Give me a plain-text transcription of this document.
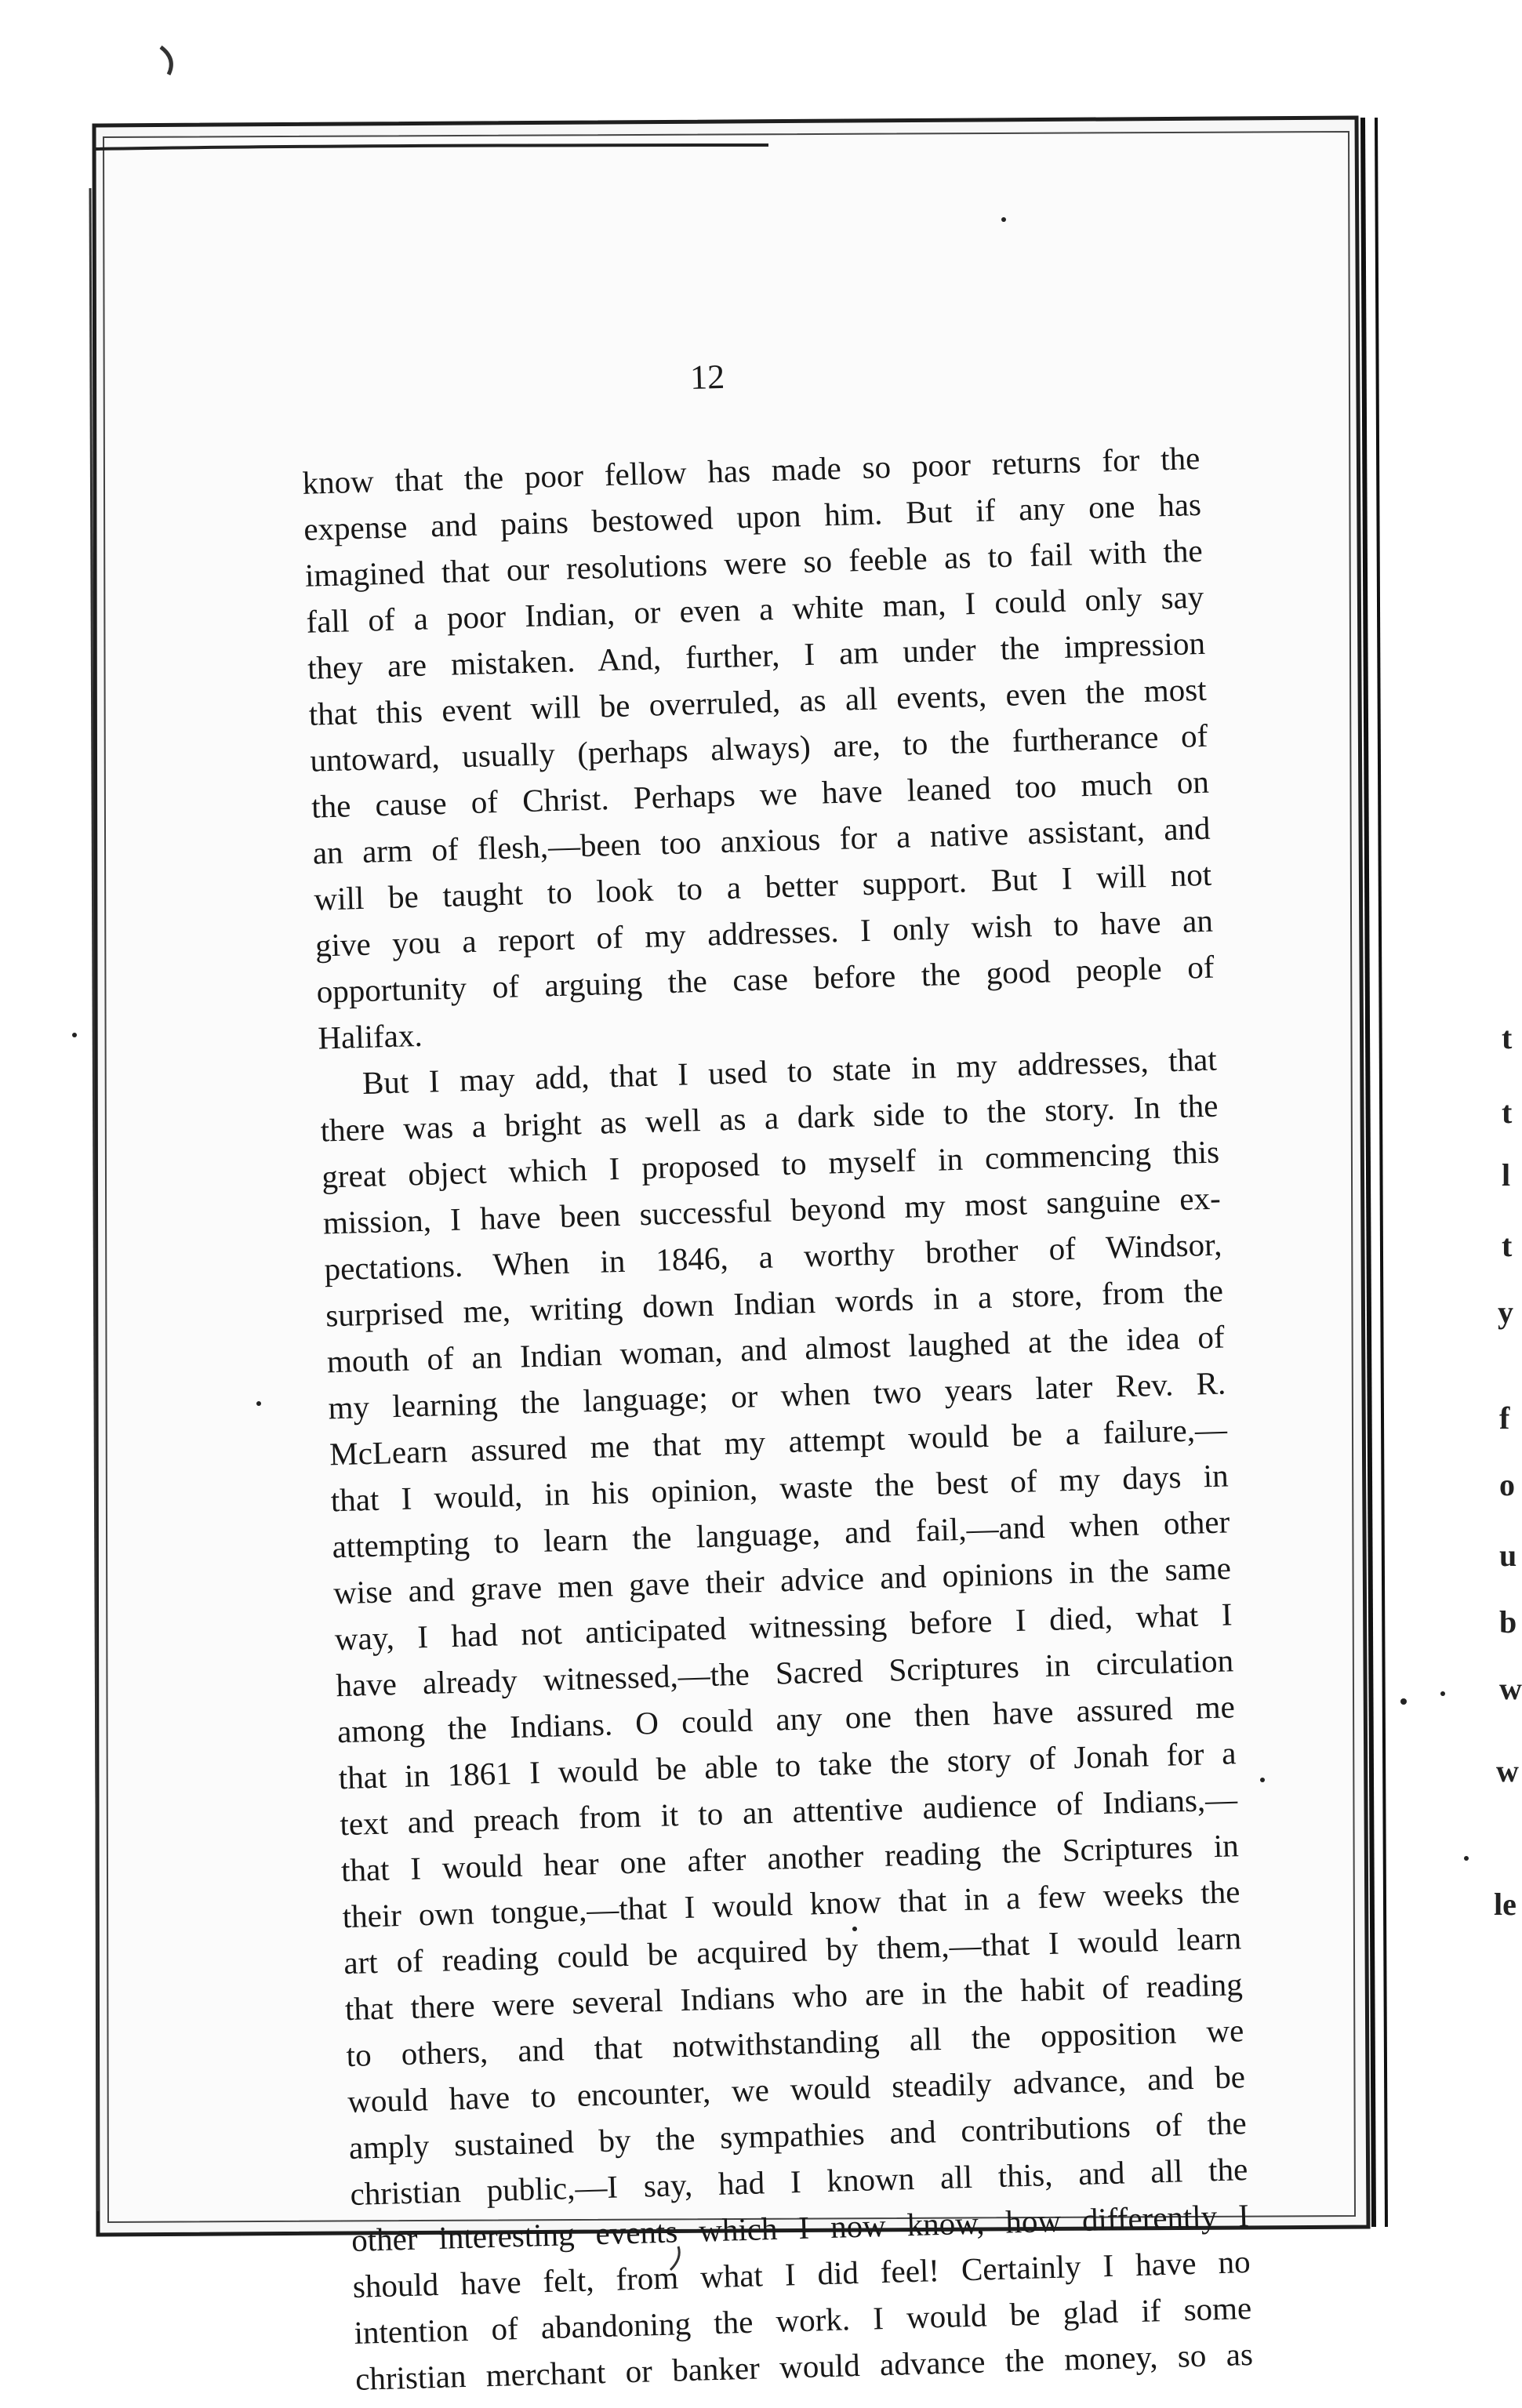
12
know that the poor fellow has made so poor returns for the
expense and pains bestowed upon him. But if any one has
imagined that our resolutions were so feeble as to fail with the
fall of a poor Indian, or even a white man, I could only say
they are mistaken. And, further, I am under the impression
that this event will be overruled, as all events, even the most
untoward, usually (perhaps always) are, to the furtherance of
the cause of Christ. Perhaps we have leaned too much on
an arm of flesh,—been too anxious for a native assistant, and
will be taught to look to a better support. But I will not
give you a report of my addresses. I only wish to have an
opportunity of arguing the case before the good people of
Halifax.
But I may add, that I used to state in my addresses, that
there was a bright as well as a dark side to the story. In the
great object which I proposed to myself in commencing this
mission, I have been successful beyond my most sanguine ex-
pectations. When in 1846, a worthy brother of Windsor,
surprised me, writing down Indian words in a store, from the
mouth of an Indian woman, and almost laughed at the idea of
my learning the language; or when two years later Rev. R.
McLearn assured me that my attempt would be a failure,—
that I would, in his opinion, waste the best of my days in
attempting to learn the language, and fail,—and when other
wise and grave men gave their advice and opinions in the same
way, I had not anticipated witnessing before I died, what I
have already witnessed,—the Sacred Scriptures in circulation
among the Indians. O could any one then have assured me
that in 1861 I would be able to take the story of Jonah for a
text and preach from it to an attentive audience of Indians,—
that I would hear one after another reading the Scriptures in
their own tongue,—that I would know that in a few weeks the
art of reading could be acquired by them,—that I would learn
that there were several Indians who are in the habit of reading
to others, and that notwithstanding all the opposition we
would have to encounter, we would steadily advance, and be
amply sustained by the sympathies and contributions of the
christian public,—I say, had I known all this, and all the
other interesting events which I now know, how differently I
should have felt, from what I did feel! Certainly I have no
intention of abandoning the work. I would be glad if some
christian merchant or banker would advance the money, so as
t
t
l
t
y
f
o
u
b
w
w
le
